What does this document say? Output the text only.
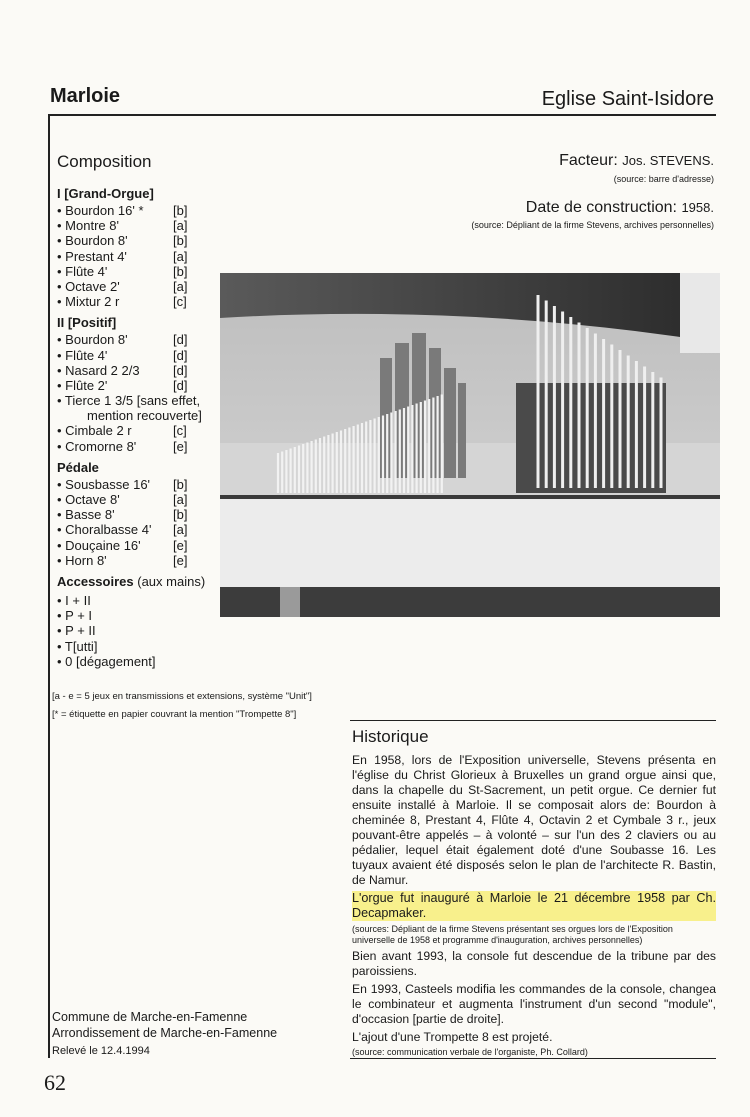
Marloie	Eglise Saint-Isidore
Facteur: Jos. STEVENS.
(source: barre d'adresse)
Date de construction: 1958.
(source: Dépliant de la firme Stevens, archives personnelles)
Composition
I [Grand-Orgue]
• Bourdon 16' * [b]
• Montre 8'	[a]
• Bourdon 8'	[b]
• Prestant 4'	[a]
• Flûte 4'	[b]
• Octave 2'	[a]
• Mixtur 2 r	[c]
II [Positif]
• Bourdon 8'	[d]
• Flûte 4'	[d]
• Nasard 2 2/3	[d]
• Flûte 2'	[d]
• Tierce 1 3/5 [sans effet,
mention recouverte]
• Cimbale 2 r	[c]
• Cromorne 8'	[e]
Pédale
• Sousbasse 16' [b]
• Octave 8'	[a]
• Basse 8'	[b]
• Choralbasse 4' [a]
• Douçaine 16' [e]
• Horn 8'	[e]
Accessoires (aux mains)
• I + II
• P + I
• P + II
• T[utti]
• 0 [dégagement]
[a - e = 5 jeux en transmissions et extensions, système "Unit"]
[* = étiquette en papier couvrant la mention "Trompette 8"]
Historique
En 1958, lors de l'Exposition universelle, Stevens présenta en l'église du Christ Glorieux à Bruxelles un grand orgue ainsi que, dans la chapelle du St-Sacrement, un petit orgue. Ce dernier fut ensuite installé à Marloie. Il se composait alors de: Bourdon à cheminée 8, Prestant 4, Flûte 4, Octavin 2 et Cymbale 3 r., jeux pouvant-être appelés – à volonté – sur l'un des 2 claviers ou au pédalier, lequel était également doté d'une Soubasse 16. Les tuyaux avaient été disposés selon le plan de l'architecte R. Bastin, de Namur.
L'orgue fut inauguré à Marloie le 21 décembre 1958 par Ch. Decapmaker.
(sources: Dépliant de la firme Stevens présentant ses orgues lors de l'Exposition universelle de 1958 et programme d'inauguration, archives personnelles)
Bien avant 1993, la console fut descendue de la tribune par des paroissiens.
En 1993, Casteels modifia les commandes de la console, changea le combinateur et augmenta l'instrument d'un second "module", d'occasion [partie de droite].
L'ajout d'une Trompette 8 est projeté.
(source: communication verbale de l'organiste, Ph. Collard)
Commune de Marche-en-Famenne
Arrondissement de Marche-en-Famenne
Relevé le 12.4.1994
62
